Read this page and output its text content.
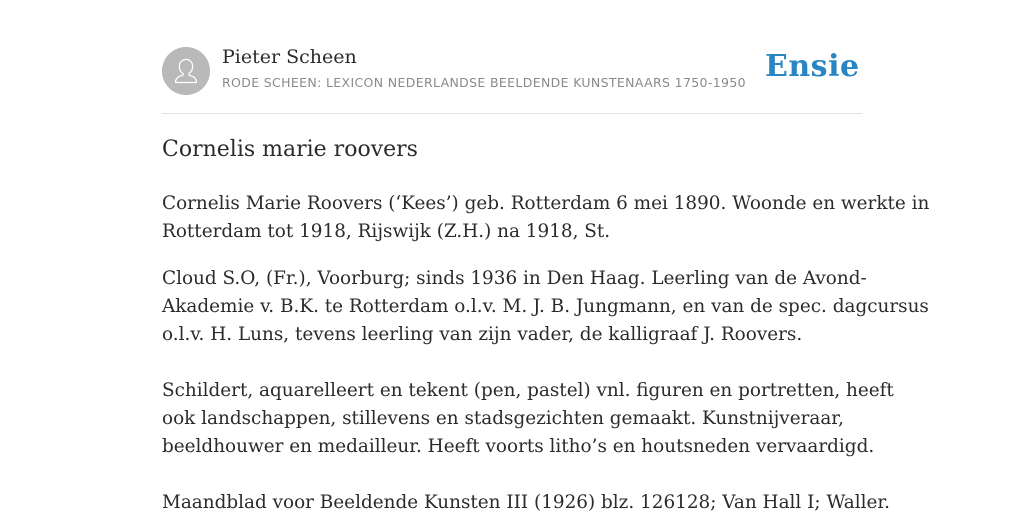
Pieter Scheen
RODE SCHEEN: LEXICON NEDERLANDSE BEELDENDE KUNSTENAARS 1750-1950 Ensie
Cornelis marie roovers

Cornelis Marie Roovers (‘Kees’) geb. Rotterdam 6 mei 1890. Woonde en werkte in
Rotterdam tot 1918, Rijswijk (Z.H.) na 1918, St.

Cloud S.O, (Fr.), Voorburg; sinds 1936 in Den Haag. Leerling van de Avond-
Akademie v. B.K. te Rotterdam o.l.v. M. J. B. Jungmann, en van de spec. dagcursus
o.l.v. H. Luns, tevens leerling van zijn vader, de kalligraaf J. Roovers.

Schildert, aquarelleert en tekent (pen, pastel) vnl. figuren en portretten, heeft
ook landschappen, stillevens en stadsgezichten gemaakt. Kunstnijveraar,
beeldhouwer en medailleur. Heeft voorts litho’s en houtsneden vervaardigd.

Maandblad voor Beeldende Kunsten III (1926) blz. 126128; Van Hall I; Waller.
